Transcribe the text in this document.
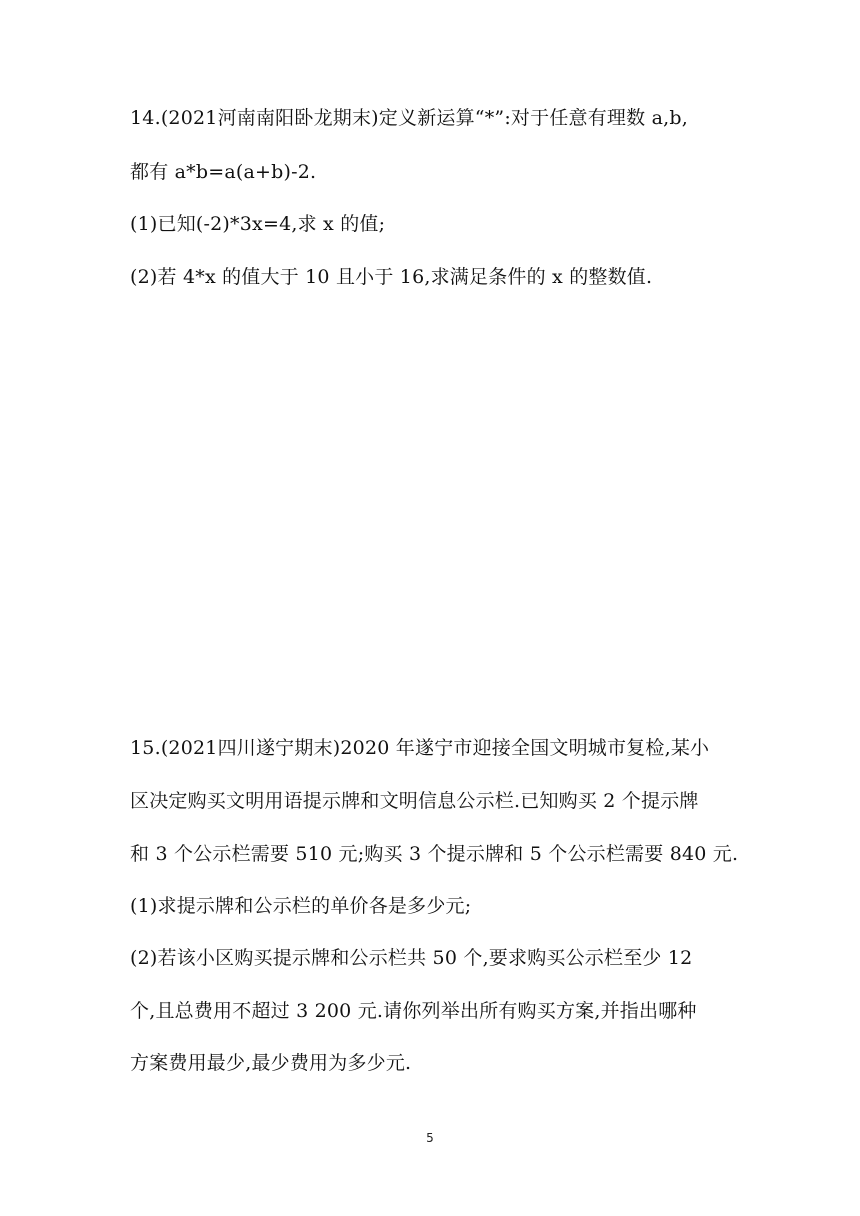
14.(2021河南南阳卧龙期末)定义新运算“*”:对于任意有理数 a,b,
都有 a*b=a(a+b)-2.
(1)已知(-2)*3x=4,求 x 的值;
(2)若 4*x 的值大于 10 且小于 16,求满足条件的 x 的整数值.
15.(2021四川遂宁期末)2020 年遂宁市迎接全国文明城市复检,某小
区决定购买文明用语提示牌和文明信息公示栏.已知购买 2 个提示牌
和 3 个公示栏需要 510 元;购买 3 个提示牌和 5 个公示栏需要 840 元.
(1)求提示牌和公示栏的单价各是多少元;
(2)若该小区购买提示牌和公示栏共 50 个,要求购买公示栏至少 12
个,且总费用不超过 3 200 元.请你列举出所有购买方案,并指出哪种
方案费用最少,最少费用为多少元.
5
